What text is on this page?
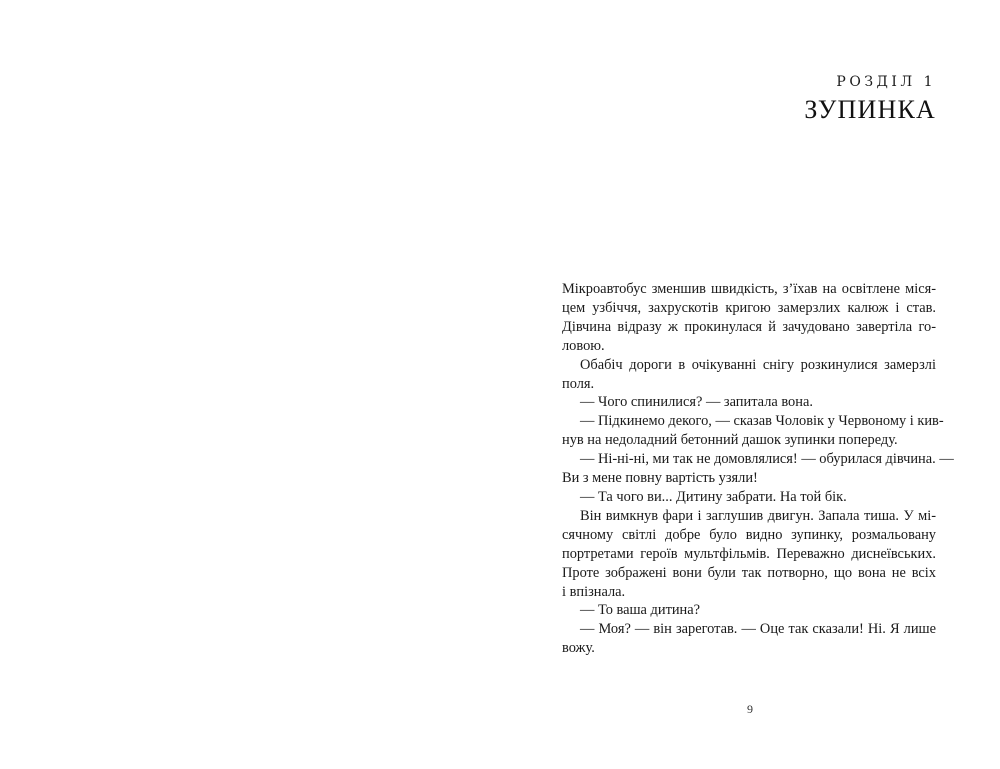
РОЗДІЛ 1
ЗУПИНКА
Мікроавтобус зменшив швидкість, з’їхав на освітлене міся-
цем узбіччя, захрускотів кригою замерзлих калюж і став.
Дівчина відразу ж прокинулася й зачудовано завертіла го-
ловою.
Обабіч дороги в очікуванні снігу розкинулися замерзлі
поля.
— Чого спинилися? — запитала вона.
— Підкинемо декого, — сказав Чоловік у Червоному і кив-
нув на недоладний бетонний дашок зупинки попереду.
— Ні-ні-ні, ми так не домовлялися! — обурилася дівчина. —
Ви з мене повну вартість узяли!
— Та чого ви... Дитину забрати. На той бік.
Він вимкнув фари і заглушив двигун. Запала тиша. У мі-
сячному світлі добре було видно зупинку, розмальовану
портретами героїв мультфільмів. Переважно диснеївських.
Проте зображені вони були так потворно, що вона не всіх
і впізнала.
— То ваша дитина?
— Моя? — він зареготав. — Оце так сказали! Ні. Я лише
вожу.
9
